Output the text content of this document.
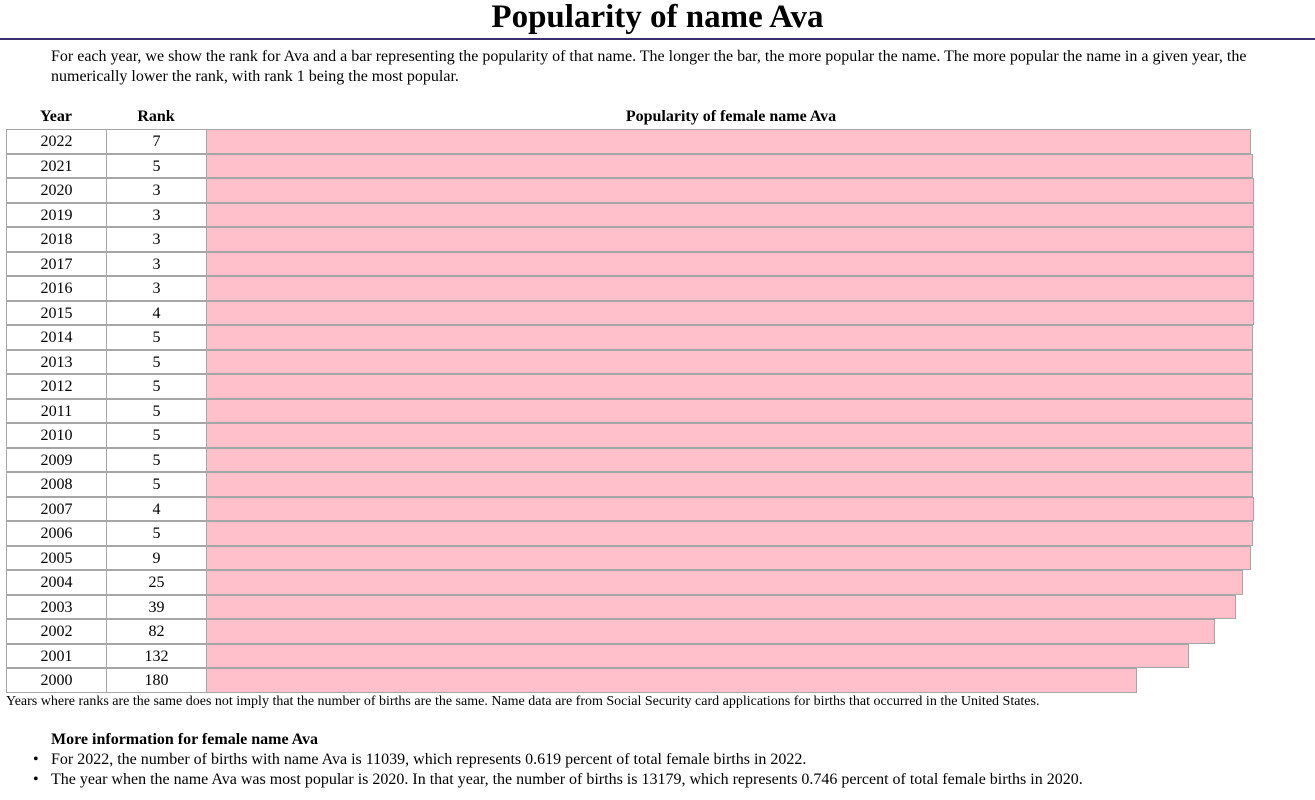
Popularity of name Ava

For each year, we show the rank for Ava and a bar representing the popularity of that name. The longer the bar, the more popular the name. The more popular the name in a given year, the numerically lower the rank, with rank 1 being the most popular.

Year	Rank	Popularity of female name Ava
2022	7
2021	5
2020	3
2019	3
2018	3
2017	3
2016	3
2015	4
2014	5
2013	5
2012	5
2011	5
2010	5
2009	5
2008	5
2007	4
2006	5
2005	9
2004	25
2003	39
2002	82
2001	132
2000	180

Years where ranks are the same does not imply that the number of births are the same. Name data are from Social Security card applications for births that occurred in the United States.

More information for female name Ava
• For 2022, the number of births with name Ava is 11039, which represents 0.619 percent of total female births in 2022.
• The year when the name Ava was most popular is 2020. In that year, the number of births is 13179, which represents 0.746 percent of total female births in 2020.
